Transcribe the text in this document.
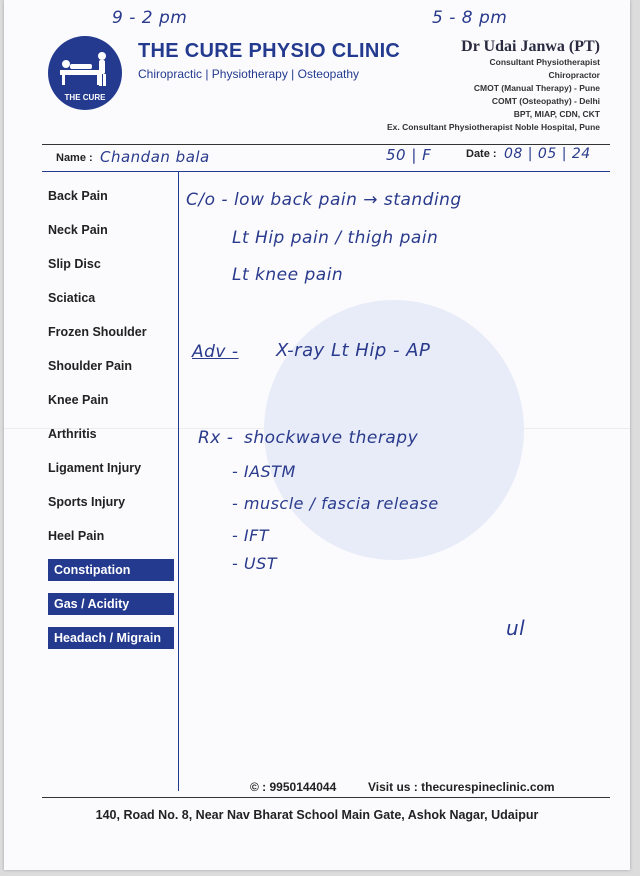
9 - 2 pm	5 - 8 pm
THE CURE
THE CURE PHYSIO CLINIC
Chiropractic | Physiotherapy | Osteopathy
Dr Udai Janwa (PT)
Consultant Physiotherapist
Chiropractor
CMOT (Manual Therapy) - Pune
COMT (Osteopathy) - Delhi
BPT, MIAP, CDN, CKT
Ex. Consultant Physiotherapist Noble Hospital, Pune
Name : Chandan bala	50 | F	Date : 08 | 05 | 24
Back Pain
Neck Pain
Slip Disc
Sciatica
Frozen Shoulder
Shoulder Pain
Knee Pain
Arthritis
Ligament Injury
Sports Injury
Heel Pain
Constipation
Gas / Acidity
Headach / Migrain
C/o - low back pain → standing
Lt Hip pain / thigh pain
Lt knee pain
Adv - X-ray Lt Hip - AP
Rx - shockwave therapy
- IASTM
- muscle / fascia release
- IFT
- UST
ul
© : 9950144044	Visit us : thecurespineclinic.com
140, Road No. 8, Near Nav Bharat School Main Gate, Ashok Nagar, Udaipur
